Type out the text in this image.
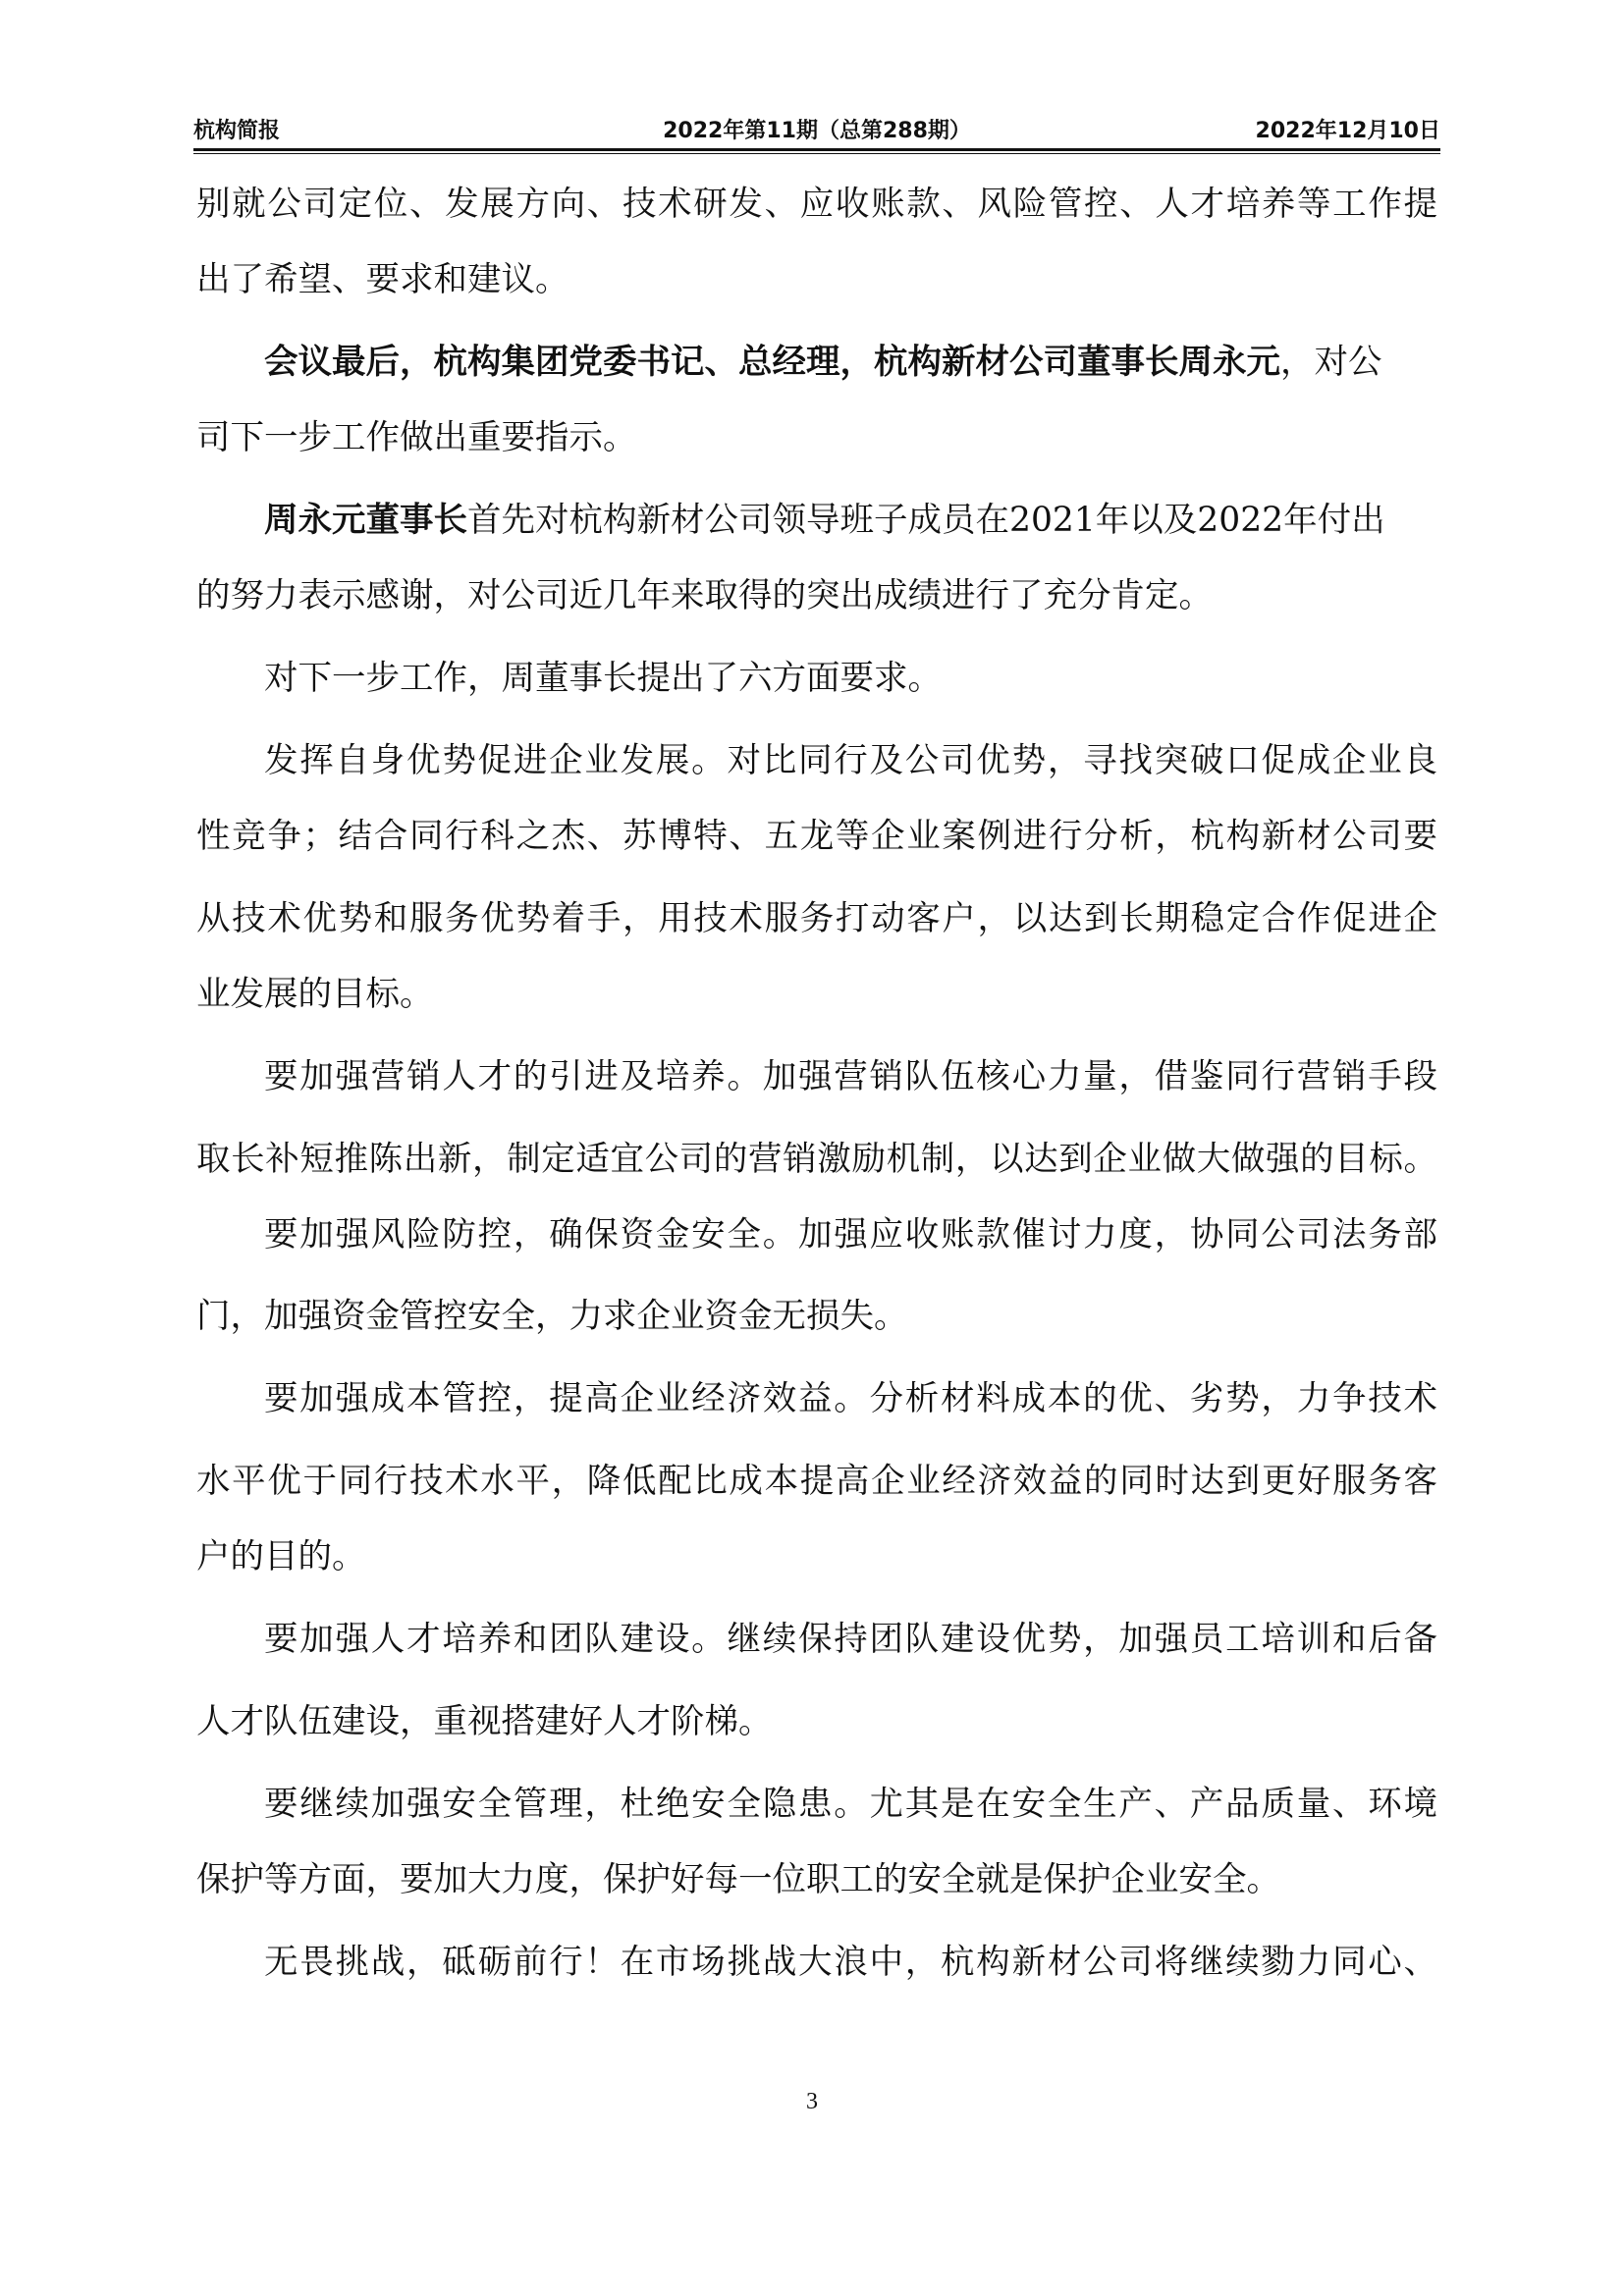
杭构简报	2022年第11期（总第288期）	2022年12月10日
别就公司定位、发展方向、技术研发、应收账款、风险管控、人才培养等工作提
出了希望、要求和建议。
会议最后，杭构集团党委书记、总经理，杭构新材公司董事长周永元，对公
司下一步工作做出重要指示。
周永元董事长首先对杭构新材公司领导班子成员在2021年以及2022年付出
的努力表示感谢，对公司近几年来取得的突出成绩进行了充分肯定。
对下一步工作，周董事长提出了六方面要求。
发挥自身优势促进企业发展。对比同行及公司优势，寻找突破口促成企业良
性竞争；结合同行科之杰、苏博特、五龙等企业案例进行分析，杭构新材公司要
从技术优势和服务优势着手，用技术服务打动客户，以达到长期稳定合作促进企
业发展的目标。
要加强营销人才的引进及培养。加强营销队伍核心力量，借鉴同行营销手段
取长补短推陈出新，制定适宜公司的营销激励机制，以达到企业做大做强的目标。
要加强风险防控，确保资金安全。加强应收账款催讨力度，协同公司法务部
门，加强资金管控安全，力求企业资金无损失。
要加强成本管控，提高企业经济效益。分析材料成本的优、劣势，力争技术
水平优于同行技术水平，降低配比成本提高企业经济效益的同时达到更好服务客
户的目的。
要加强人才培养和团队建设。继续保持团队建设优势，加强员工培训和后备
人才队伍建设，重视搭建好人才阶梯。
要继续加强安全管理，杜绝安全隐患。尤其是在安全生产、产品质量、环境
保护等方面，要加大力度，保护好每一位职工的安全就是保护企业安全。
无畏挑战，砥砺前行！在市场挑战大浪中，杭构新材公司将继续勠力同心、
3
